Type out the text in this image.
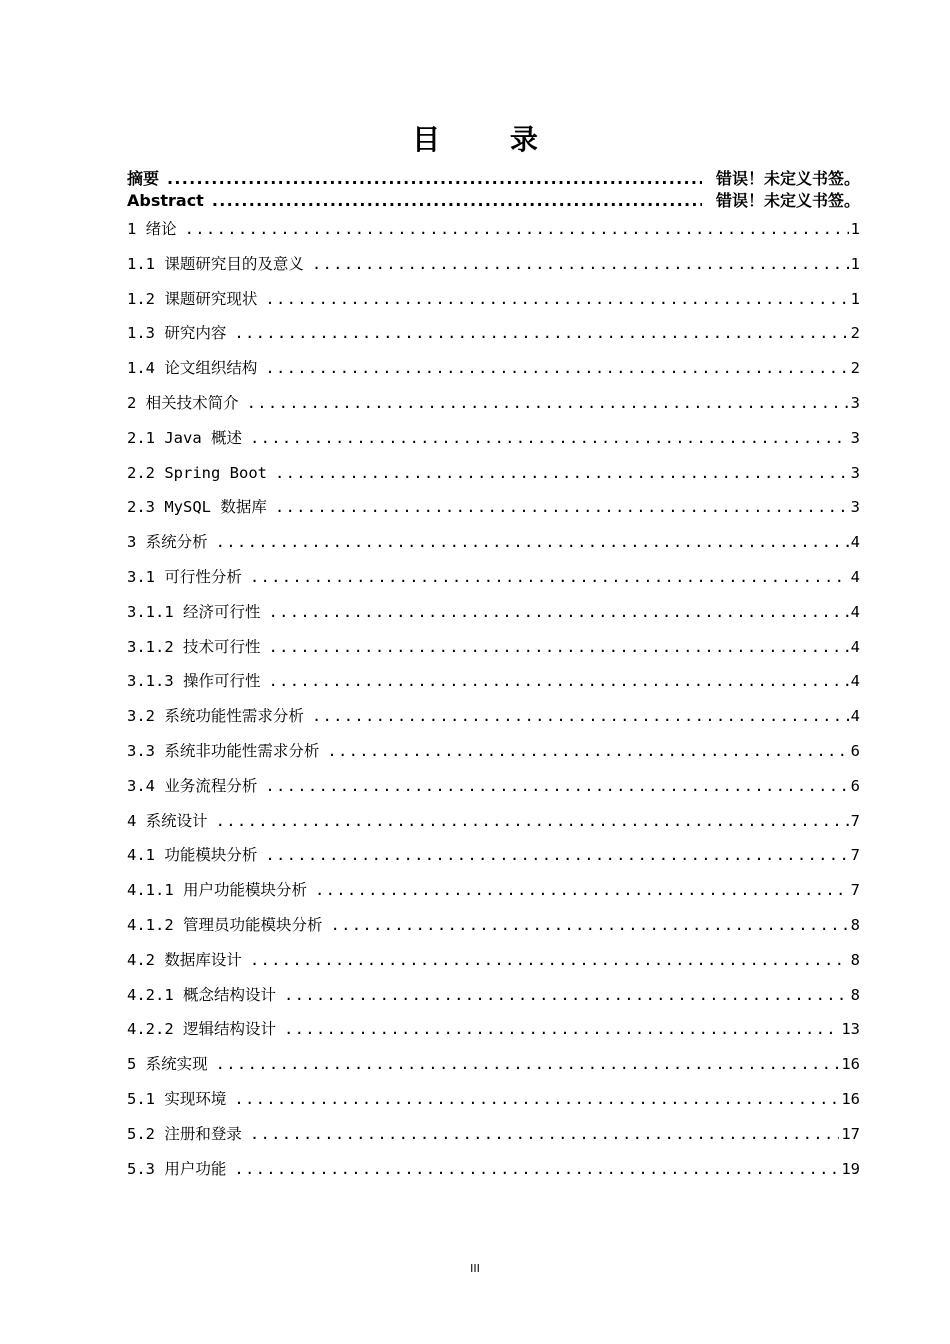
目 录
摘要 .....	错误！未定义书签。
Abstract .....	错误！未定义书签。
1 绪论 .....	1
1.1 课题研究目的及意义 .....	1
1.2 课题研究现状 .....	1
1.3 研究内容 .....	2
1.4 论文组织结构 .....	2
2 相关技术简介 .....	3
2.1 Java 概述 .....	3
2.2 Spring Boot .....	3
2.3 MySQL 数据库 .....	3
3 系统分析 .....	4
3.1 可行性分析 .....	4
3.1.1 经济可行性 .....	4
3.1.2 技术可行性 .....	4
3.1.3 操作可行性 .....	4
3.2 系统功能性需求分析 .....	4
3.3 系统非功能性需求分析 .....	6
3.4 业务流程分析 .....	6
4 系统设计 .....	7
4.1 功能模块分析 .....	7
4.1.1 用户功能模块分析 .....	7
4.1.2 管理员功能模块分析 .....	8
4.2 数据库设计 .....	8
4.2.1 概念结构设计 .....	8
4.2.2 逻辑结构设计 .....	13
5 系统实现 .....	16
5.1 实现环境 .....	16
5.2 注册和登录 .....	17
5.3 用户功能 .....	19
III
